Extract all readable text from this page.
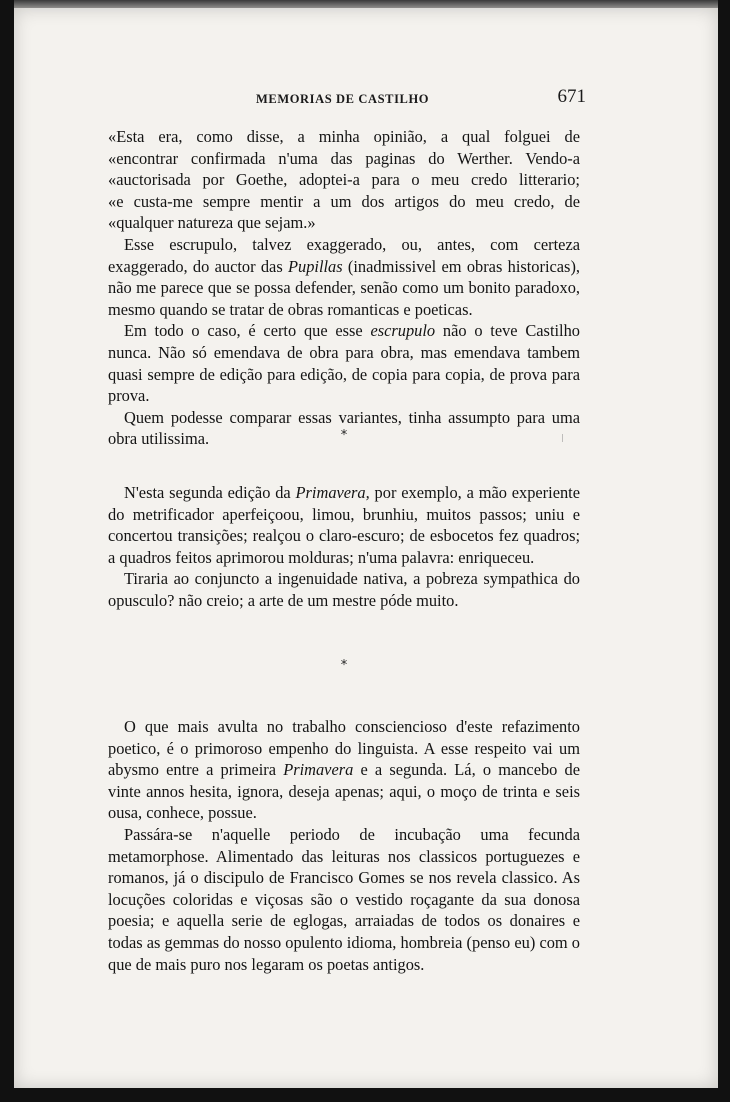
MEMORIAS DE CASTILHO	671

«Esta era, como disse, a minha opinião, a qual folguei de
«encontrar confirmada n'uma das paginas do Werther. Vendo-a
«auctorisada por Goethe, adoptei-a para o meu credo litterario;
«e custa-me sempre mentir a um dos artigos do meu credo, de
«qualquer natureza que sejam.»

Esse escrupulo, talvez exaggerado, ou, antes, com certeza exaggerado, do auctor das Pupillas (inadmissivel em obras historicas), não me parece que se possa defender, senão como um bonito paradoxo, mesmo quando se tratar de obras romanticas e poeticas.

Em todo o caso, é certo que esse escrupulo não o teve Castilho nunca. Não só emendava de obra para obra, mas emendava tambem quasi sempre de edição para edição, de copia para copia, de prova para prova.

Quem podesse comparar essas variantes, tinha assumpto para uma obra utilissima.	*

N'esta segunda edição da Primavera, por exemplo, a mão experiente do metrificador aperfeiçoou, limou, brunhiu, muitos passos; uniu e concertou transições; realçou o claro-escuro; de esbocetos fez quadros; a quadros feitos aprimorou molduras; n'uma palavra: enriqueceu.

Tiraria ao conjuncto a ingenuidade nativa, a pobreza sympathica do opusculo? não creio; a arte de um mestre póde muito.

*

O que mais avulta no trabalho consciencioso d'este refazimento poetico, é o primoroso empenho do linguista. A esse respeito vai um abysmo entre a primeira Primavera e a segunda. Lá, o mancebo de vinte annos hesita, ignora, deseja apenas; aqui, o moço de trinta e seis ousa, conhece, possue.

Passára-se n'aquelle periodo de incubação uma fecunda metamorphose. Alimentado das leituras nos classicos portuguezes e romanos, já o discipulo de Francisco Gomes se nos revela classico. As locuções coloridas e viçosas são o vestido roçagante da sua donosa poesia; e aquella serie de eglogas, arraiadas de todos os donaires e todas as gemmas do nosso opulento idioma, hombreia (penso eu) com o que de mais puro nos legaram os poetas antigos.
